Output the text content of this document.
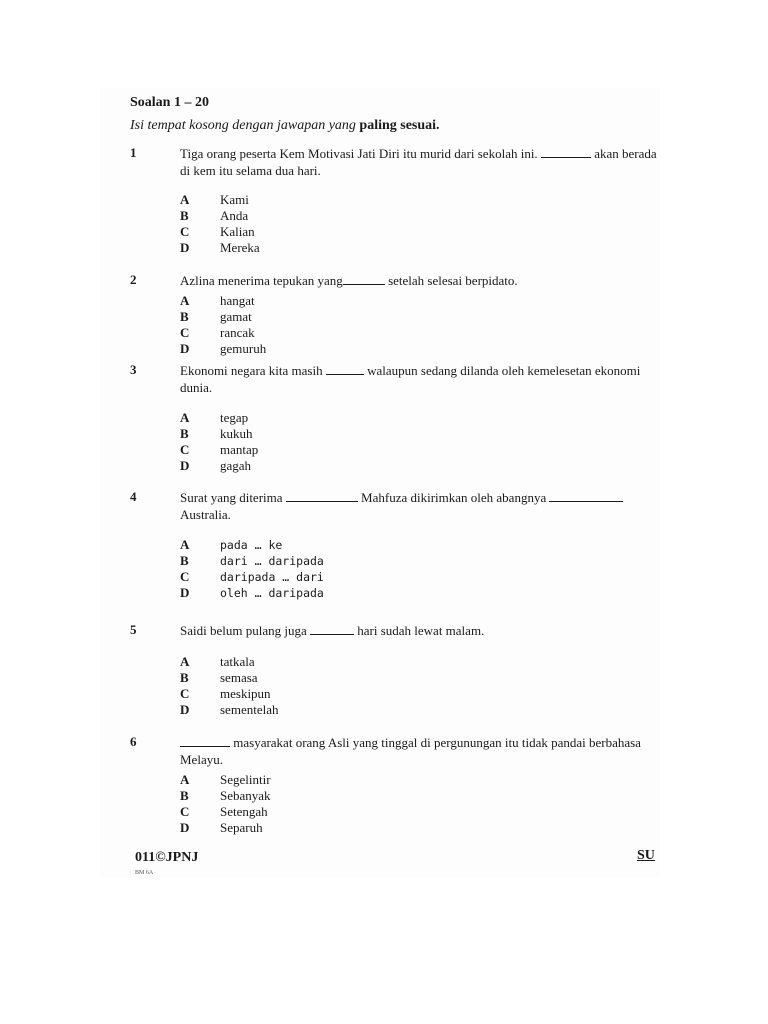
Soalan 1 – 20
Isi tempat kosong dengan jawapan yang paling sesuai.
1	Tiga orang peserta Kem Motivasi Jati Diri itu murid dari sekolah ini.	akan berada di kem itu selama dua hari.
A	Kami
B	Anda
C	Kalian
D	Mereka
2	Azlina menerima tepukan yang	setelah selesai berpidato.
A	hangat
B	gamat
C	rancak
D	gemuruh
3	Ekonomi negara kita masih	walaupun sedang dilanda oleh kemelesetan ekonomi dunia.
A	tegap
B	kukuh
C	mantap
D	gagah
4	Surat yang diterima	Mahfuza dikirimkan oleh abangnya  Australia.
A	pada … ke
B	dari … daripada
C	daripada … dari
D	oleh … daripada
5	Saidi belum pulang juga	hari sudah lewat malam.
A	tatkala
B	semasa
C	meskipun
D	sementelah
6	masyarakat orang Asli yang tinggal di pergunungan itu tidak pandai berbahasa Melayu.
A	Segelintir
B	Sebanyak
C	Setengah
D	Separuh
011©JPNJ
BM 6A
SU
